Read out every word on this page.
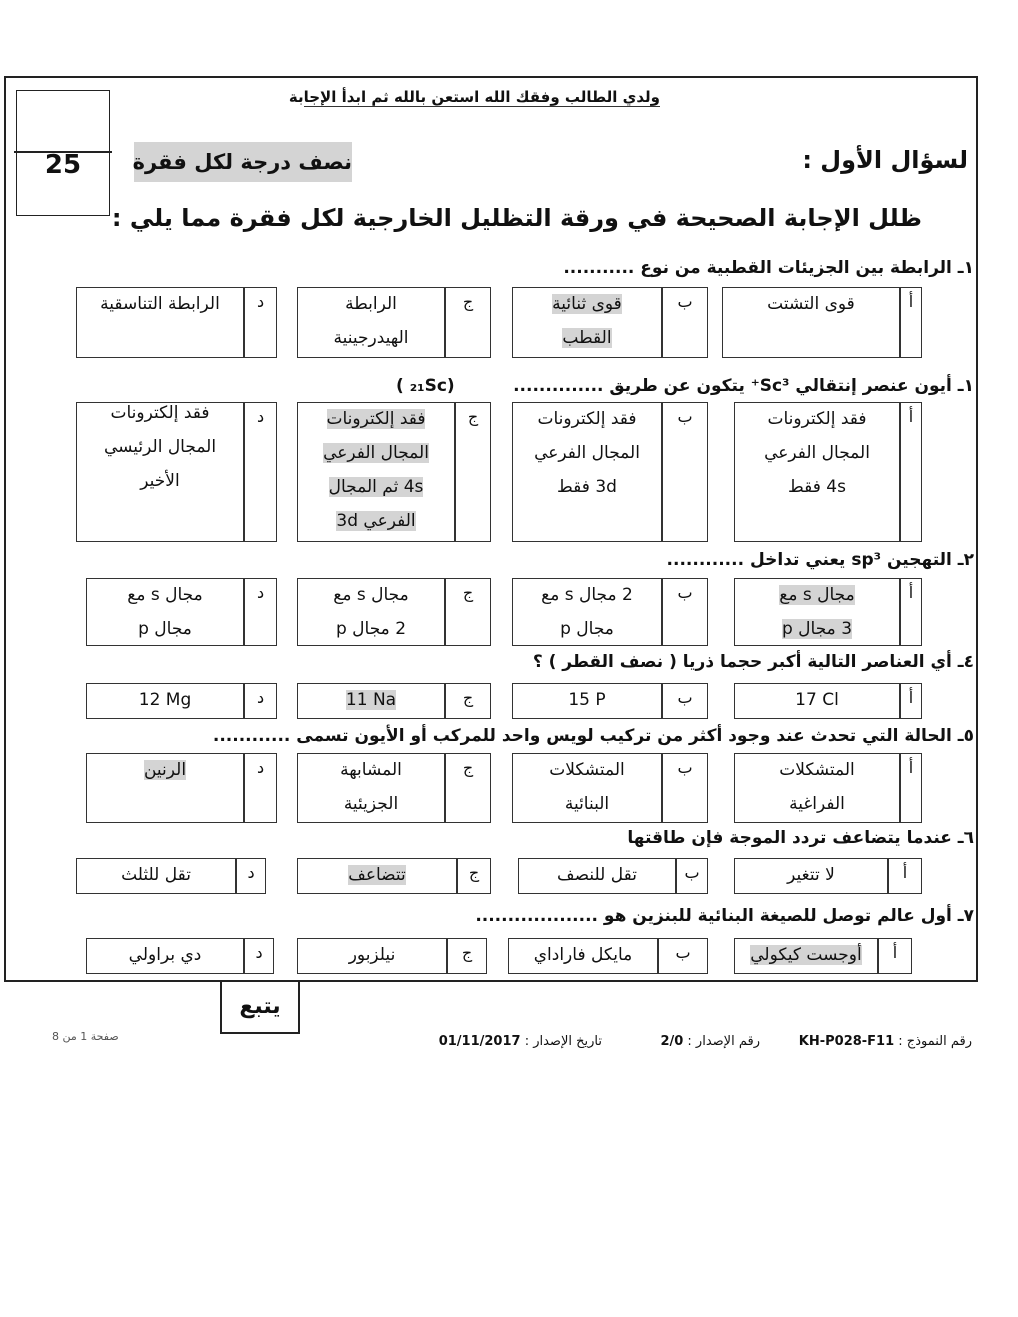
25
ولدي الطالب وفقك الله استعن بالله ثم ابدأ الإجابة
لسؤال الأول :
نصف درجة لكل فقرة
ظلل الإجابة الصحيحة في ورقة التظليل الخارجية لكل فقرة مما يلي :
١ـ الرابطة بين الجزيئات القطبية من نوع ...........
أ
قوى التشتت
ب
قوى ثنائية
القطب
ج
الرابطة
الهيدرجينية
د
الرابطة التناسقية
١ـ أيون عنصر إنتقالي Sc³⁺ يتكون عن طريق ..............
(₂₁Sc )
أ
فقد إلكترونات
المجال الفرعي
4s فقط
ب
فقد إلكترونات
المجال الفرعي
3d فقط
ج
فقد إلكترونات
المجال الفرعي
4s ثم المجال
الفرعي 3d
د
فقد إلكترونات
المجال الرئيسي
الأخير
٢ـ التهجين sp³ يعني تداخل ............
أ
مجال s مع
3 مجال p
ب
2 مجال s مع
مجال p
ج
مجال s مع
2 مجال p
د
مجال s مع
مجال p
٤ـ أي العناصر التالية أكبر حجما ذريا ( نصف القطر ) ؟
أ
17 Cl
ب
15 P
ج
11 Na
د
12 Mg
٥ـ الحالة التي تحدث عند وجود أكثر من تركيب لويس واحد للمركب أو الأيون تسمى ............
أ
المتشكلات
الفراغية
ب
المتشكلات
البنائية
ج
المشابهة
الجزيئية
د
الرنين
٦ـ عندما يتضاعف تردد الموجة فإن طاقتها
أ
لا تتغير
ب
تقل للنصف
ج
تتضاعف
د
تقل للثلث
٧ـ أول عالم توصل للصيغة البنائية للبنزين هو ...................
أ
أوجست كيكولي
ب
مايكل فاراداي
ج
نيلزبور
د
دي براولي
يتبع
رقم النموذج : KH-P028-F11
رقم الإصدار : 2/0
تاريخ الإصدار : 01/11/2017
صفحة 1 من 8
